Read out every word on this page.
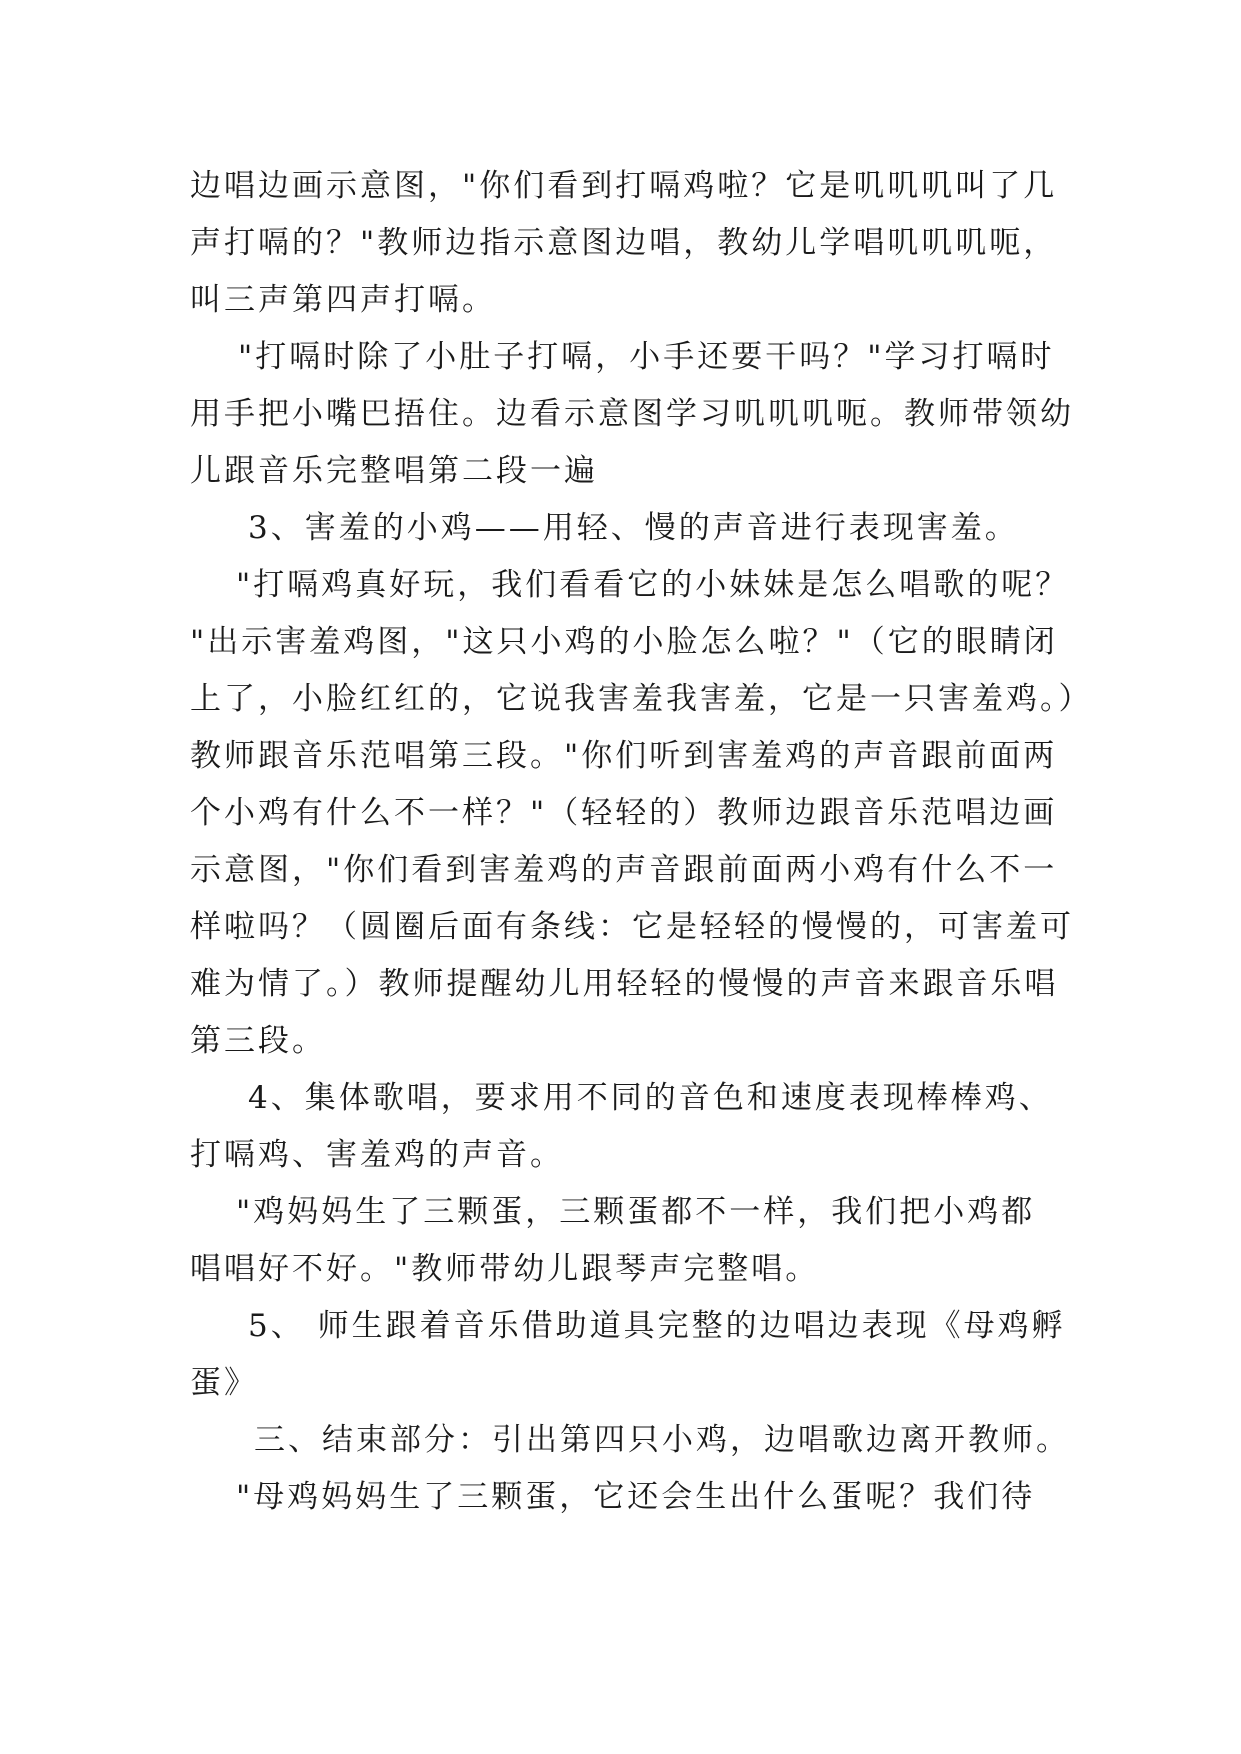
边唱边画示意图，"你们看到打嗝鸡啦？它是叽叽叽叫了几
声打嗝的？"教师边指示意图边唱，教幼儿学唱叽叽叽呃，
叫三声第四声打嗝。
"打嗝时除了小肚子打嗝，小手还要干吗？"学习打嗝时
用手把小嘴巴捂住。边看示意图学习叽叽叽呃。教师带领幼
儿跟音乐完整唱第二段一遍
3、害羞的小鸡——用轻、慢的声音进行表现害羞。
"打嗝鸡真好玩，我们看看它的小妹妹是怎么唱歌的呢？
"出示害羞鸡图，"这只小鸡的小脸怎么啦？"（它的眼睛闭
上了，小脸红红的，它说我害羞我害羞，它是一只害羞鸡。）
教师跟音乐范唱第三段。"你们听到害羞鸡的声音跟前面两
个小鸡有什么不一样？"（轻轻的）教师边跟音乐范唱边画
示意图，"你们看到害羞鸡的声音跟前面两小鸡有什么不一
样啦吗？（圆圈后面有条线：它是轻轻的慢慢的，可害羞可
难为情了。）教师提醒幼儿用轻轻的慢慢的声音来跟音乐唱
第三段。
4、集体歌唱，要求用不同的音色和速度表现棒棒鸡、
打嗝鸡、害羞鸡的声音。
"鸡妈妈生了三颗蛋，三颗蛋都不一样，我们把小鸡都
唱唱好不好。"教师带幼儿跟琴声完整唱。
5、 师生跟着音乐借助道具完整的边唱边表现《母鸡孵
蛋》
三、结束部分：引出第四只小鸡，边唱歌边离开教师。
"母鸡妈妈生了三颗蛋，它还会生出什么蛋呢？我们待
